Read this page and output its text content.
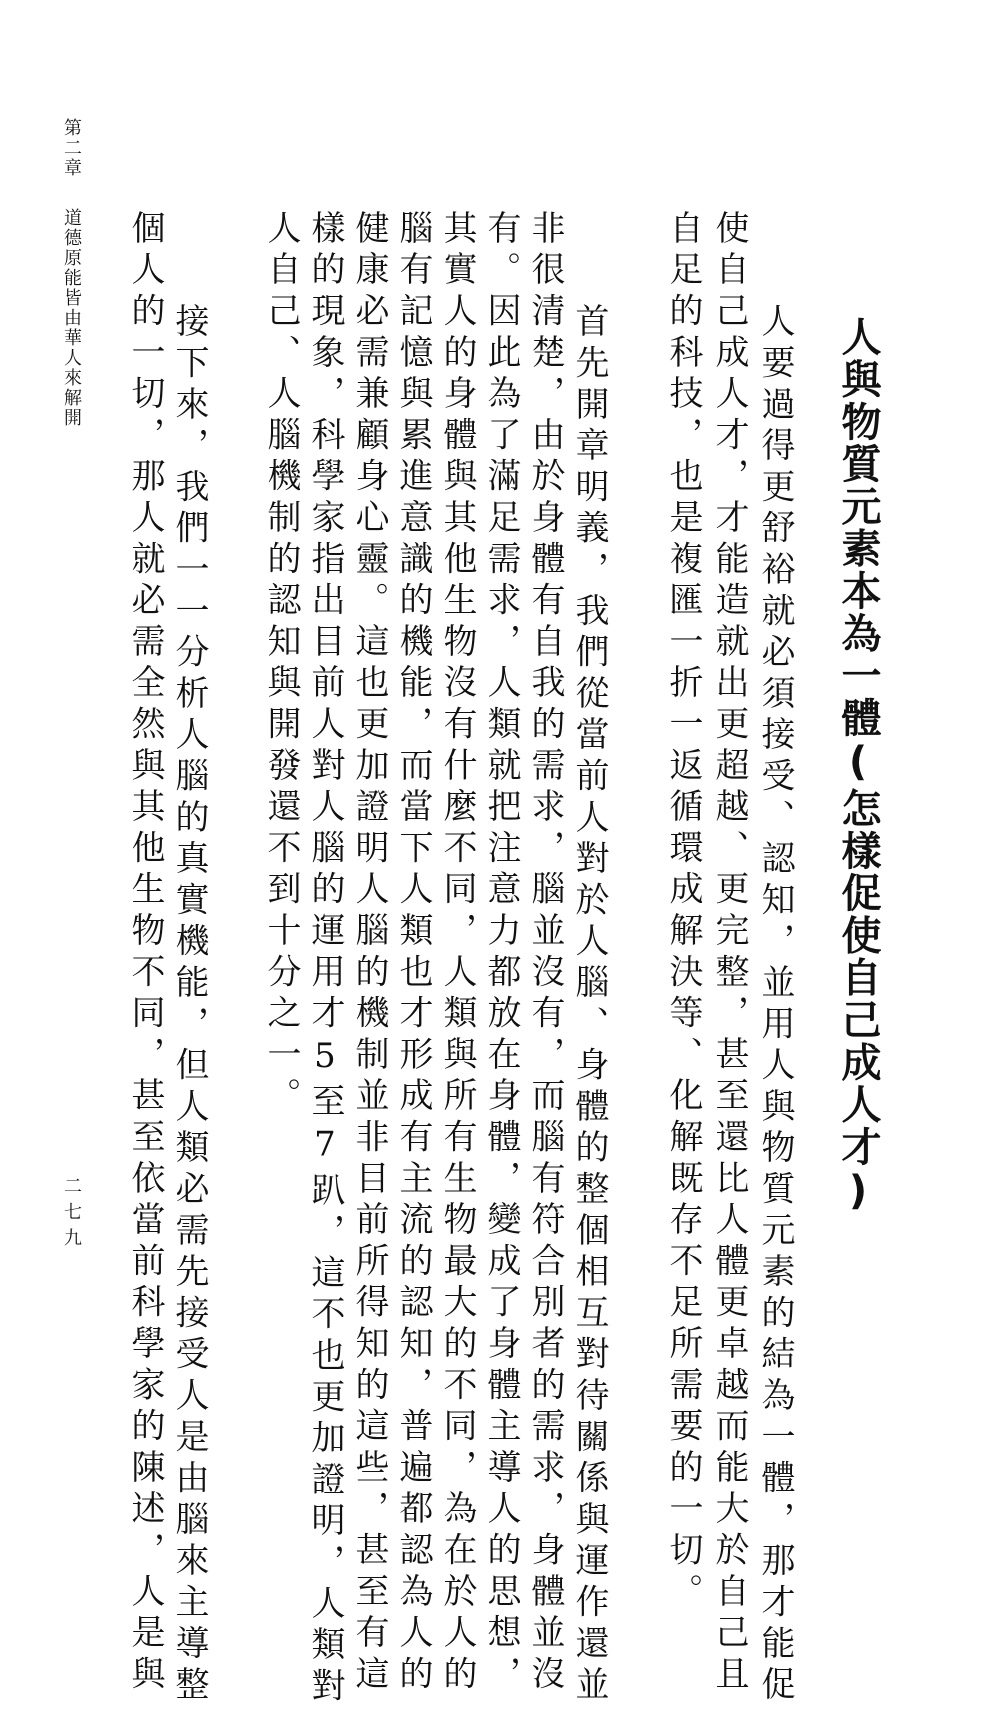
人與物質元素本為一體(怎樣促使自己成人才)
　人要過得更舒裕就必須接受、認知，並用人與物質元素的結為一體，那才能促
使自己成人才，才能造就出更超越、更完整，甚至還比人體更卓越而能大於自己且
自足的科技，也是複匯一折一返循環成解決等、化解既存不足所需要的一切。
　首先開章明義，我們從當前人對於人腦、身體的整個相互對待關係與運作還並
非很清楚，由於身體有自我的需求，腦並沒有，而腦有符合別者的需求，身體並沒
有。因此為了滿足需求，人類就把注意力都放在身體，變成了身體主導人的思想，
其實人的身體與其他生物沒有什麼不同，人類與所有生物最大的不同，為在於人的
腦有記憶與累進意識的機能，而當下人類也才形成有主流的認知，普遍都認為人的
健康必需兼顧身心靈。這也更加證明人腦的機制並非目前所得知的這些，甚至有這
樣的現象，科學家指出目前人對人腦的運用才5至7趴，這不也更加證明，人類對
人自己、人腦機制的認知與開發還不到十分之一。
　接下來，我們一一分析人腦的真實機能，但人類必需先接受人是由腦來主導整
個人的一切，那人就必需全然與其他生物不同，甚至依當前科學家的陳述，人是與
第二章
道德原能皆由華人來解開
二七九
